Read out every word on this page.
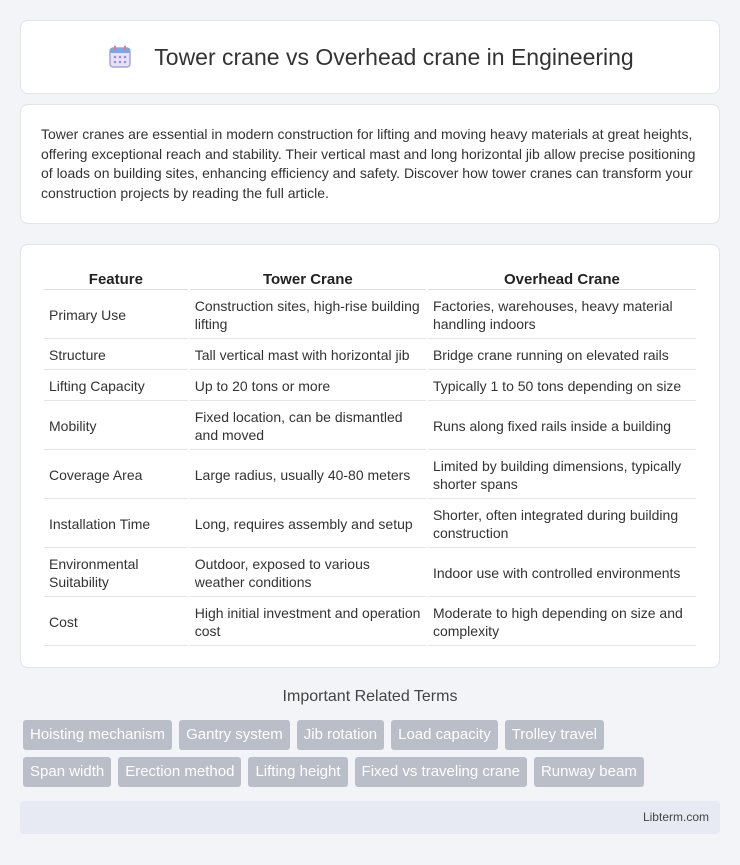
Tower crane vs Overhead crane in Engineering

Tower cranes are essential in modern construction for lifting and moving heavy materials at great heights, offering exceptional reach and stability. Their vertical mast and long horizontal jib allow precise positioning of loads on building sites, enhancing efficiency and safety. Discover how tower cranes can transform your construction projects by reading the full article.

Feature	Tower Crane	Overhead Crane
Primary Use	Construction sites, high-rise building lifting	Factories, warehouses, heavy material handling indoors
Structure	Tall vertical mast with horizontal jib	Bridge crane running on elevated rails
Lifting Capacity	Up to 20 tons or more	Typically 1 to 50 tons depending on size
Mobility	Fixed location, can be dismantled and moved	Runs along fixed rails inside a building
Coverage Area	Large radius, usually 40-80 meters	Limited by building dimensions, typically shorter spans
Installation Time	Long, requires assembly and setup	Shorter, often integrated during building construction
Environmental Suitability	Outdoor, exposed to various weather conditions	Indoor use with controlled environments
Cost	High initial investment and operation cost	Moderate to high depending on size and complexity
Important Related Terms
Hoisting mechanism	Gantry system	Jib rotation	Load capacity	Trolley travel
Span width	Erection method	Lifting height	Fixed vs traveling crane	Runway beam
Libterm.com
